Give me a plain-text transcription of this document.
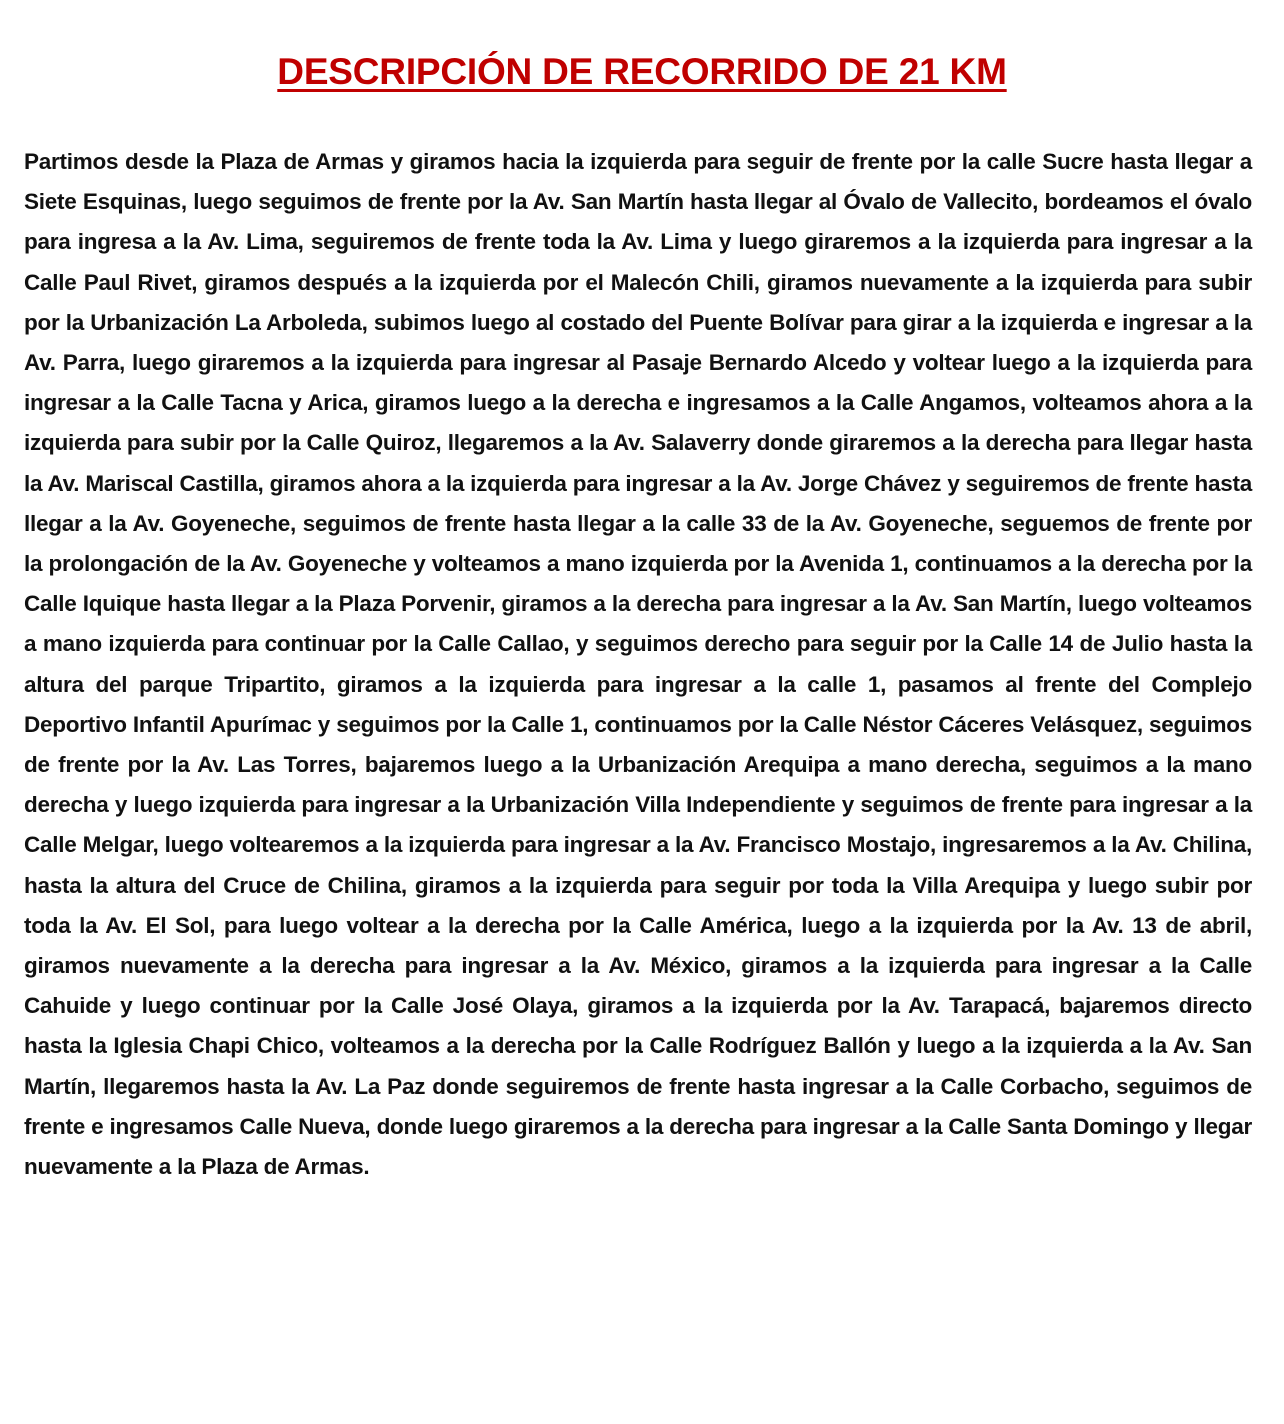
DESCRIPCIÓN DE RECORRIDO DE 21 KM

Partimos desde la Plaza de Armas y giramos hacia la izquierda para seguir de frente por la calle Sucre hasta llegar a Siete Esquinas, luego seguimos de frente por la Av. San Martín hasta llegar al Óvalo de Vallecito, bordeamos el óvalo para ingresa a la Av. Lima, seguiremos de frente toda la Av. Lima y luego giraremos a la izquierda para ingresar a la Calle Paul Rivet, giramos después a la izquierda por el Malecón Chili, giramos nuevamente a la izquierda para subir por la Urbanización La Arboleda, subimos luego al costado del Puente Bolívar para girar a la izquierda e ingresar a la Av. Parra, luego giraremos a la izquierda para ingresar al Pasaje Bernardo Alcedo y voltear luego a la izquierda para ingresar a la Calle Tacna y Arica, giramos luego a la derecha e ingresamos a la Calle Angamos, volteamos ahora a la izquierda para subir por la Calle Quiroz, llegaremos a la Av. Salaverry donde giraremos a la derecha para llegar hasta la Av. Mariscal Castilla, giramos ahora a la izquierda para ingresar a la Av. Jorge Chávez y seguiremos de frente hasta llegar a la Av. Goyeneche, seguimos de frente hasta llegar a la calle 33 de la Av. Goyeneche, seguemos de frente por la prolongación de la Av. Goyeneche y volteamos a mano izquierda por la Avenida 1, continuamos a la derecha por la Calle Iquique hasta llegar a la Plaza Porvenir, giramos a la derecha para ingresar a la Av. San Martín, luego volteamos a mano izquierda para continuar por la Calle Callao, y seguimos derecho para seguir por la Calle 14 de Julio hasta la altura del parque Tripartito, giramos a la izquierda para ingresar a la calle 1, pasamos al frente del Complejo Deportivo Infantil Apurímac y seguimos por la Calle 1, continuamos por la Calle Néstor Cáceres Velásquez, seguimos de frente por la Av. Las Torres, bajaremos luego a la Urbanización Arequipa a mano derecha, seguimos a la mano derecha y luego izquierda para ingresar a la Urbanización Villa Independiente y seguimos de frente para ingresar a la Calle Melgar, luego voltearemos a la izquierda para ingresar a la Av. Francisco Mostajo, ingresaremos a la Av. Chilina, hasta la altura del Cruce de Chilina, giramos a la izquierda para seguir por toda la Villa Arequipa y luego subir por toda la Av. El Sol, para luego voltear a la derecha por la Calle América, luego a la izquierda por la Av. 13 de abril, giramos nuevamente a la derecha para ingresar a la Av. México, giramos a la izquierda para ingresar a la Calle Cahuide y luego continuar por la Calle José Olaya, giramos a la izquierda por la Av. Tarapacá, bajaremos directo hasta la Iglesia Chapi Chico, volteamos a la derecha por la Calle Rodríguez Ballón y luego a la izquierda a la Av. San Martín, llegaremos hasta la Av. La Paz donde seguiremos de frente hasta ingresar a la Calle Corbacho, seguimos de frente e ingresamos Calle Nueva, donde luego giraremos a la derecha para ingresar a la Calle Santa Domingo y llegar nuevamente a la Plaza de Armas.
